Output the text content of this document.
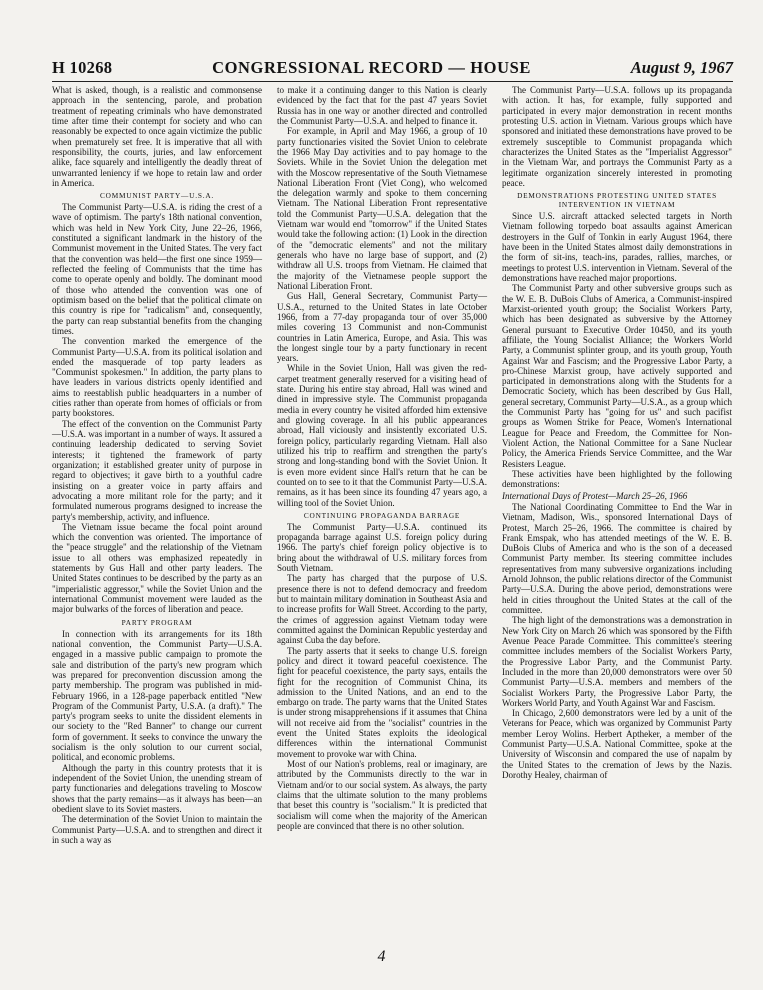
H 10268	CONGRESSIONAL RECORD — HOUSE	August 9, 1967

What is asked, though, is a realistic and commonsense approach in the sentencing, parole, and probation treatment of repeating criminals who have demonstrated time after time their contempt for society and who can reasonably be expected to once again victimize the public when prematurely set free. It is imperative that all with responsibility, the courts, juries, and law enforcement alike, face squarely and intelligently the deadly threat of unwarranted leniency if we hope to retain law and order in America.

COMMUNIST PARTY—U.S.A.

The Communist Party—U.S.A. is riding the crest of a wave of optimism. The party's 18th national convention, which was held in New York City, June 22–26, 1966, constituted a significant landmark in the history of the Communist movement in the United States. The very fact that the convention was held—the first one since 1959—reflected the feeling of Communists that the time has come to operate openly and boldly. The dominant mood of those who attended the convention was one of optimism based on the belief that the political climate on this country is ripe for "radicalism" and, consequently, the party can reap substantial benefits from the changing times.

The convention marked the emergence of the Communist Party—U.S.A. from its political isolation and ended the masquerade of top party leaders as "Communist spokesmen." In addition, the party plans to have leaders in various districts openly identified and aims to reestablish public headquarters in a number of cities rather than operate from homes of officials or from party bookstores.

The effect of the convention on the Communist Party—U.S.A. was important in a number of ways. It assured a continuing leadership dedicated to serving Soviet interests; it tightened the framework of party organization; it established greater unity of purpose in regard to objectives; it gave birth to a youthful cadre insisting on a greater voice in party affairs and advocating a more militant role for the party; and it formulated numerous programs designed to increase the party's membership, activity, and influence.

The Vietnam issue became the focal point around which the convention was oriented. The importance of the "peace struggle" and the relationship of the Vietnam issue to all others was emphasized repeatedly in statements by Gus Hall and other party leaders. The United States continues to be described by the party as an "imperialistic aggressor," while the Soviet Union and the international Communist movement were lauded as the major bulwarks of the forces of liberation and peace.

PARTY PROGRAM

In connection with its arrangements for its 18th national convention, the Communist Party—U.S.A. engaged in a massive public campaign to promote the sale and distribution of the party's new program which was prepared for preconvention discussion among the party membership. The program was published in mid-February 1966, in a 128-page paperback entitled "New Program of the Communist Party, U.S.A. (a draft)." The party's program seeks to unite the dissident elements in our society to the "Red Banner" to change our current form of government. It seeks to convince the unwary the socialism is the only solution to our current social, political, and economic problems.

Although the party in this country protests that it is independent of the Soviet Union, the unending stream of party functionaries and delegations traveling to Moscow shows that the party remains—as it always has been—an obedient slave to its Soviet masters.

The determination of the Soviet Union to maintain the Communist Party—U.S.A. and to strengthen and direct it in such a way as

to make it a continuing danger to this Nation is clearly evidenced by the fact that for the past 47 years Soviet Russia has in one way or another directed and controlled the Communist Party—U.S.A. and helped to finance it.

For example, in April and May 1966, a group of 10 party functionaries visited the Soviet Union to celebrate the 1966 May Day activities and to pay homage to the Soviets. While in the Soviet Union the delegation met with the Moscow representative of the South Vietnamese National Liberation Front (Viet Cong), who welcomed the delegation warmly and spoke to them concerning Vietnam. The National Liberation Front representative told the Communist Party—U.S.A. delegation that the Vietnam war would end "tomorrow" if the United States would take the following action: (1) Look in the direction of the "democratic elements" and not the military generals who have no large base of support, and (2) withdraw all U.S. troops from Vietnam. He claimed that the majority of the Vietnamese people support the National Liberation Front.

Gus Hall, General Secretary, Communist Party—U.S.A., returned to the United States in late October 1966, from a 77-day propaganda tour of over 35,000 miles covering 13 Communist and non-Communist countries in Latin America, Europe, and Asia. This was the longest single tour by a party functionary in recent years.

While in the Soviet Union, Hall was given the red-carpet treatment generally reserved for a visiting head of state. During his entire stay abroad, Hall was wined and dined in impressive style. The Communist propaganda media in every country he visited afforded him extensive and glowing coverage. In all his public appearances abroad, Hall viciously and insistently excoriated U.S. foreign policy, particularly regarding Vietnam. Hall also utilized his trip to reaffirm and strengthen the party's strong and long-standing bond with the Soviet Union. It is even more evident since Hall's return that he can be counted on to see to it that the Communist Party—U.S.A. remains, as it has been since its founding 47 years ago, a willing tool of the Soviet Union.

CONTINUING PROPAGANDA BARRAGE

The Communist Party—U.S.A. continued its propaganda barrage against U.S. foreign policy during 1966. The party's chief foreign policy objective is to bring about the withdrawal of U.S. military forces from South Vietnam.

The party has charged that the purpose of U.S. presence there is not to defend democracy and freedom but to maintain military domination in Southeast Asia and to increase profits for Wall Street. According to the party, the crimes of aggression against Vietnam today were committed against the Dominican Republic yesterday and against Cuba the day before.

The party asserts that it seeks to change U.S. foreign policy and direct it toward peaceful coexistence. The fight for peaceful coexistence, the party says, entails the fight for the recognition of Communist China, its admission to the United Nations, and an end to the embargo on trade. The party warns that the United States is under strong misapprehensions if it assumes that China will not receive aid from the "socialist" countries in the event the United States exploits the ideological differences within the international Communist movement to provoke war with China.

Most of our Nation's problems, real or imaginary, are attributed by the Communists directly to the war in Vietnam and/or to our social system. As always, the party claims that the ultimate solution to the many problems that beset this country is "socialism." It is predicted that socialism will come when the majority of the American people are convinced that there is no other solution.

The Communist Party—U.S.A. follows up its propaganda with action. It has, for example, fully supported and participated in every major demonstration in recent months protesting U.S. action in Vietnam. Various groups which have sponsored and initiated these demonstrations have proved to be extremely susceptible to Communist propaganda which characterizes the United States as the "Imperialist Aggressor" in the Vietnam War, and portrays the Communist Party as a legitimate organization sincerely interested in promoting peace.

DEMONSTRATIONS PROTESTING UNITED STATES INTERVENTION IN VIETNAM

Since U.S. aircraft attacked selected targets in North Vietnam following torpedo boat assaults against American destroyers in the Gulf of Tonkin in early August 1964, there have been in the United States almost daily demonstrations in the form of sit-ins, teach-ins, parades, rallies, marches, or meetings to protest U.S. intervention in Vietnam. Several of the demonstrations have reached major proportions.

The Communist Party and other subversive groups such as the W. E. B. DuBois Clubs of America, a Communist-inspired Marxist-oriented youth group; the Socialist Workers Party, which has been designated as subversive by the Attorney General pursuant to Executive Order 10450, and its youth affiliate, the Young Socialist Alliance; the Workers World Party, a Communist splinter group, and its youth group, Youth Against War and Fascism; and the Progressive Labor Party, a pro-Chinese Marxist group, have actively supported and participated in demonstrations along with the Students for a Democratic Society, which has been described by Gus Hall, general secretary, Communist Party—U.S.A., as a group which the Communist Party has "going for us" and such pacifist groups as Women Strike for Peace, Women's International League for Peace and Freedom, the Committee for Non-Violent Action, the National Committee for a Sane Nuclear Policy, the America Friends Service Committee, and the War Resisters League.

These activities have been highlighted by the following demonstrations:

International Days of Protest—March 25–26, 1966

The National Coordinating Committee to End the War in Vietnam, Madison, Wis., sponsored International Days of Protest, March 25–26, 1966. The committee is chaired by Frank Emspak, who has attended meetings of the W. E. B. DuBois Clubs of America and who is the son of a deceased Communist Party member. Its steering committee includes representatives from many subversive organizations including Arnold Johnson, the public relations director of the Communist Party—U.S.A. During the above period, demonstrations were held in cities throughout the United States at the call of the committee.

The high light of the demonstrations was a demonstration in New York City on March 26 which was sponsored by the Fifth Avenue Peace Parade Committee. This committee's steering committee includes members of the Socialist Workers Party, the Progressive Labor Party, and the Communist Party. Included in the more than 20,000 demonstrators were over 50 Communist Party—U.S.A. members and members of the Socialist Workers Party, the Progressive Labor Party, the Workers World Party, and Youth Against War and Fascism.

In Chicago, 2,600 demonstrators were led by a unit of the Veterans for Peace, which was organized by Communist Party member Leroy Wolins. Herbert Aptheker, a member of the Communist Party—U.S.A. National Committee, spoke at the University of Wisconsin and compared the use of napalm by the United States to the cremation of Jews by the Nazis. Dorothy Healey, chairman of

4
